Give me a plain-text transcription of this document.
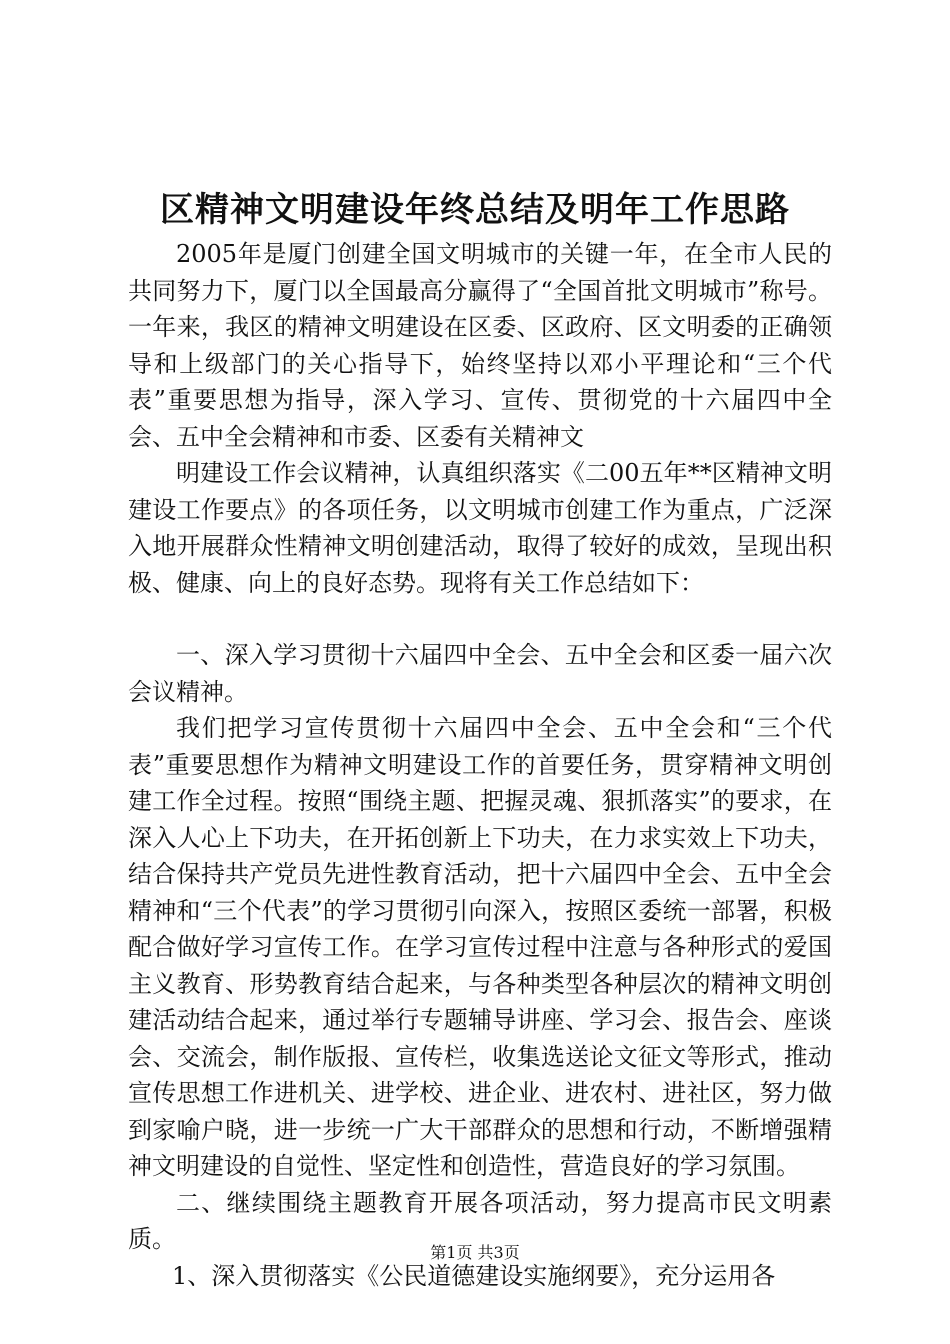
区精神文明建设年终总结及明年工作思路

2005年是厦门创建全国文明城市的关键一年，在全市人民的共同努力下，厦门以全国最高分赢得了“全国首批文明城市”称号。一年来，我区的精神文明建设在区委、区政府、区文明委的正确领导和上级部门的关心指导下，始终坚持以邓小平理论和“三个代表”重要思想为指导，深入学习、宣传、贯彻党的十六届四中全会、五中全会精神和市委、区委有关精神文

明建设工作会议精神，认真组织落实《二00五年**区精神文明建设工作要点》的各项任务，以文明城市创建工作为重点，广泛深入地开展群众性精神文明创建活动，取得了较好的成效，呈现出积极、健康、向上的良好态势。现将有关工作总结如下：

一、深入学习贯彻十六届四中全会、五中全会和区委一届六次会议精神。

我们把学习宣传贯彻十六届四中全会、五中全会和“三个代表”重要思想作为精神文明建设工作的首要任务，贯穿精神文明创建工作全过程。按照“围绕主题、把握灵魂、狠抓落实”的要求，在深入人心上下功夫，在开拓创新上下功夫，在力求实效上下功夫，结合保持共产党员先进性教育活动，把十六届四中全会、五中全会精神和“三个代表”的学习贯彻引向深入，按照区委统一部署，积极配合做好学习宣传工作。在学习宣传过程中注意与各种形式的爱国主义教育、形势教育结合起来，与各种类型各种层次的精神文明创建活动结合起来，通过举行专题辅导讲座、学习会、报告会、座谈会、交流会，制作版报、宣传栏，收集选送论文征文等形式，推动宣传思想工作进机关、进学校、进企业、进农村、进社区，努力做到家喻户晓，进一步统一广大干部群众的思想和行动，不断增强精神文明建设的自觉性、坚定性和创造性，营造良好的学习氛围。

二、继续围绕主题教育开展各项活动，努力提高市民文明素质。

1、深入贯彻落实《公民道德建设实施纲要》，充分运用各

第1页 共3页
